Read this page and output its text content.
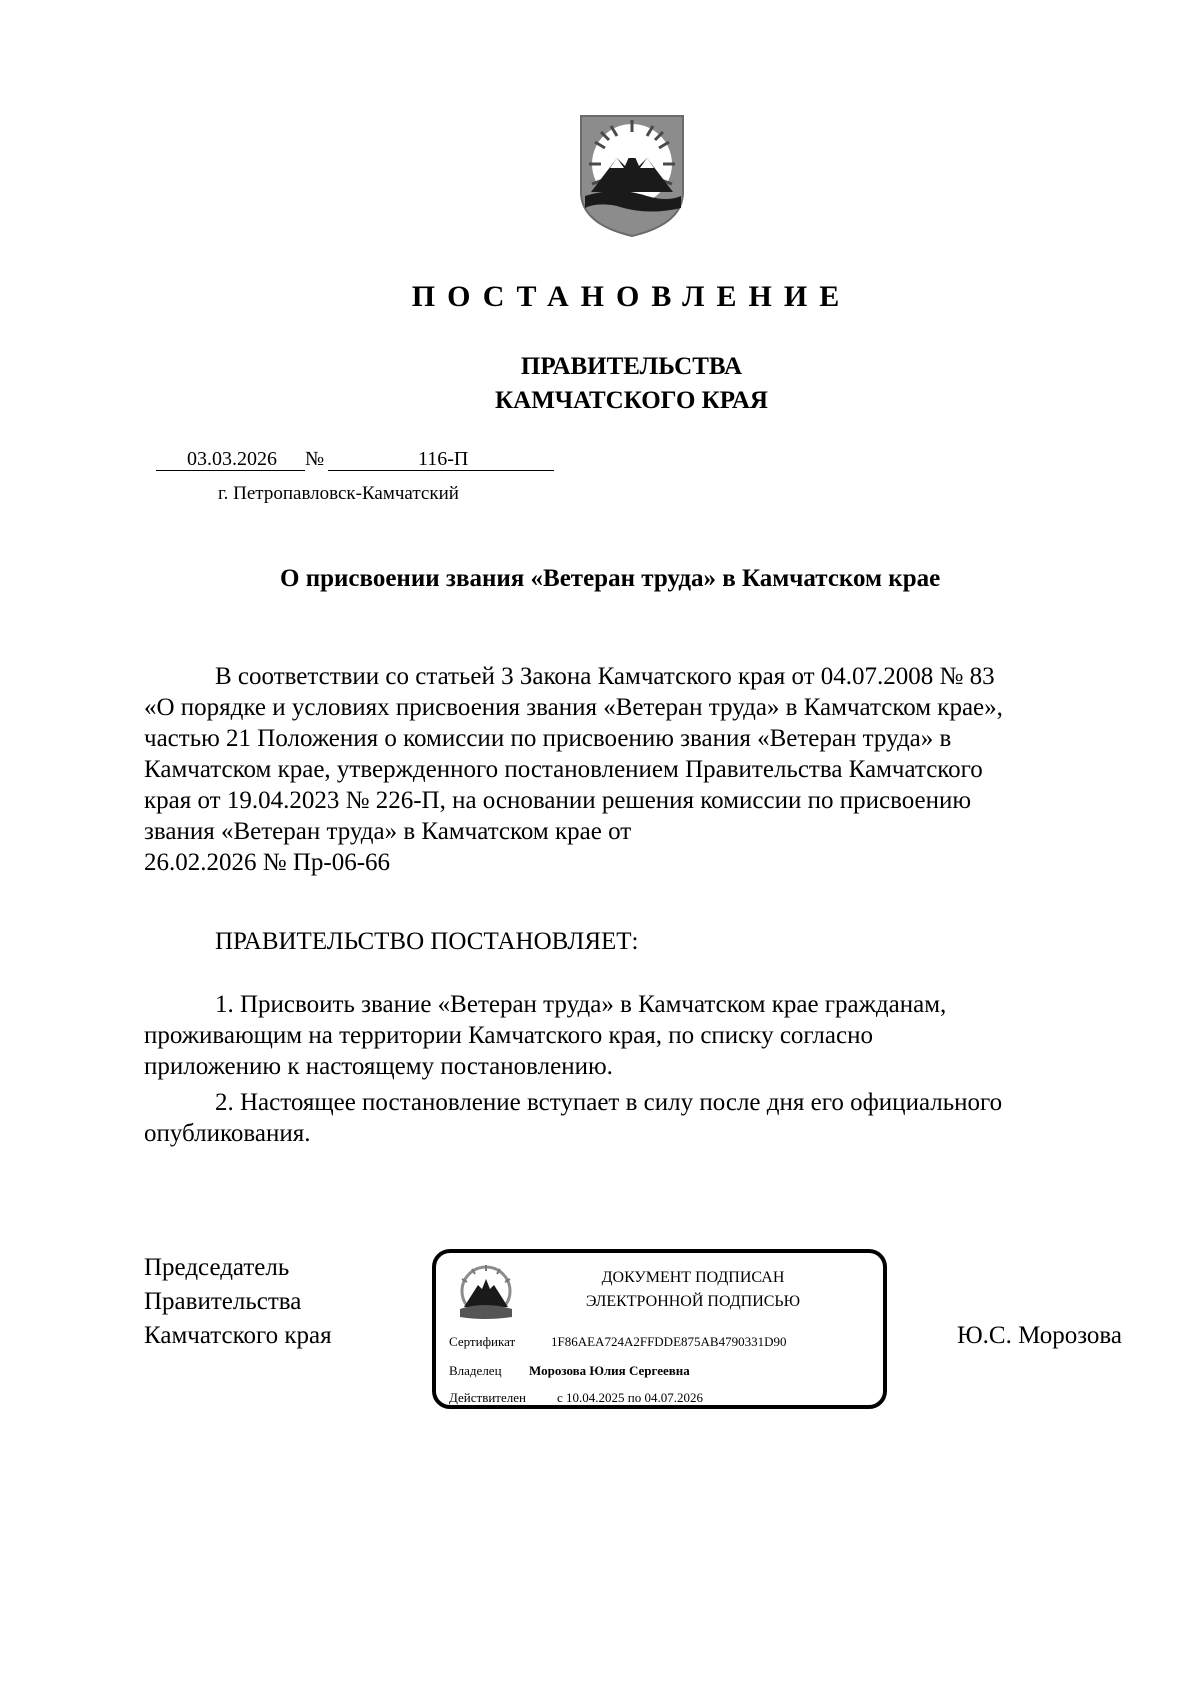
ПОСТАНОВЛЕНИЕ
ПРАВИТЕЛЬСТВА
КАМЧАТСКОГО КРАЯ
03.03.2026 №	116-П
г. Петропавловск-Камчатский
О присвоении звания «Ветеран труда» в Камчатском крае
В соответствии со статьей 3 Закона Камчатского края от 04.07.2008 № 83
«О порядке и условиях присвоения звания «Ветеран труда» в Камчатском крае»,
частью 21 Положения о комиссии по присвоению звания «Ветеран труда» в
Камчатском крае, утвержденного постановлением Правительства Камчатского
края от 19.04.2023 № 226-П, на основании решения комиссии по присвоению
звания «Ветеран труда» в Камчатском крае от
26.02.2026 № Пр-06-66
ПРАВИТЕЛЬСТВО ПОСТАНОВЛЯЕТ:
1. Присвоить звание «Ветеран труда» в Камчатском крае гражданам,
проживающим на территории Камчатского края, по списку согласно
приложению к настоящему постановлению.
2. Настоящее постановление вступает в силу после дня его официального
опубликования.
Председатель
Правительства
Камчатского края	Ю.С. Морозова
ДОКУМЕНТ ПОДПИСАН
ЭЛЕКТРОННОЙ ПОДПИСЬЮ
Сертификат	1F86AEA724A2FFDDE875AB4790331D90
Владелец Морозова Юлия Сергеевна
Действителен с 10.04.2025 по 04.07.2026
